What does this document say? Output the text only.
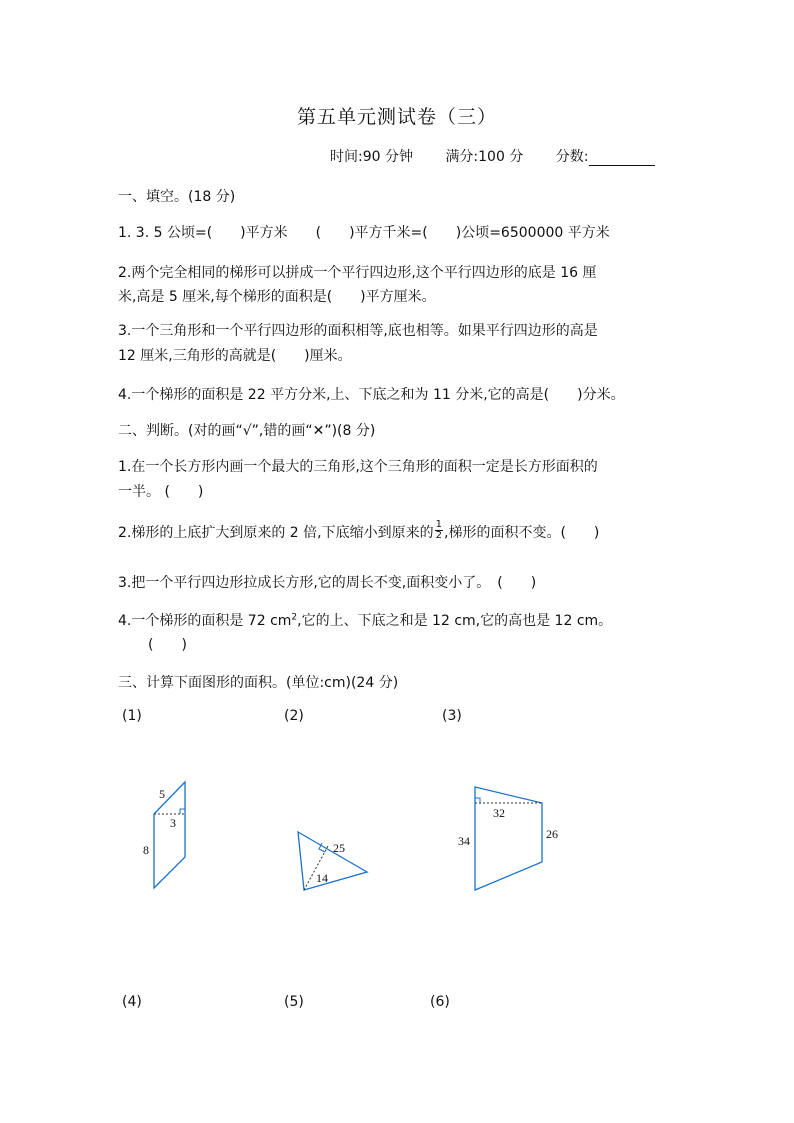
第五单元测试卷（三）
时间:90 分钟 满分:100 分 分数:
一、填空。(18 分)
1. 3. 5 公顷=(　　)平方米　　(　　)平方千米=(　　)公顷=6500000 平方米
2.两个完全相同的梯形可以拼成一个平行四边形,这个平行四边形的底是 16 厘
米,高是 5 厘米,每个梯形的面积是(　　)平方厘米。
3.一个三角形和一个平行四边形的面积相等,底也相等。如果平行四边形的高是
12 厘米,三角形的高就是(　　)厘米。
4.一个梯形的面积是 22 平方分米,上、下底之和为 11 分米,它的高是(　　)分米。
二、判断。(对的画“√”,错的画“✕”)(8 分)
1.在一个长方形内画一个最大的三角形,这个三角形的面积一定是长方形面积的
一半。 (　　)
2.梯形的上底扩大到原来的 2 倍,下底缩小到原来的 $\frac{1}{2}$ ,梯形的面积不变。(　　)
3.把一个平行四边形拉成长方形,它的周长不变,面积变小了。　(　　)
4.一个梯形的面积是 72 $cm^2$,它的上、下底之和是 12 cm,它的高也是 12 cm。
(　　)
三、计算下面图形的面积。(单位:cm)(24 分)
(1)	(2)	(3)
(4)	(5)	(6)
5
3
8	25
14
32
34	26
